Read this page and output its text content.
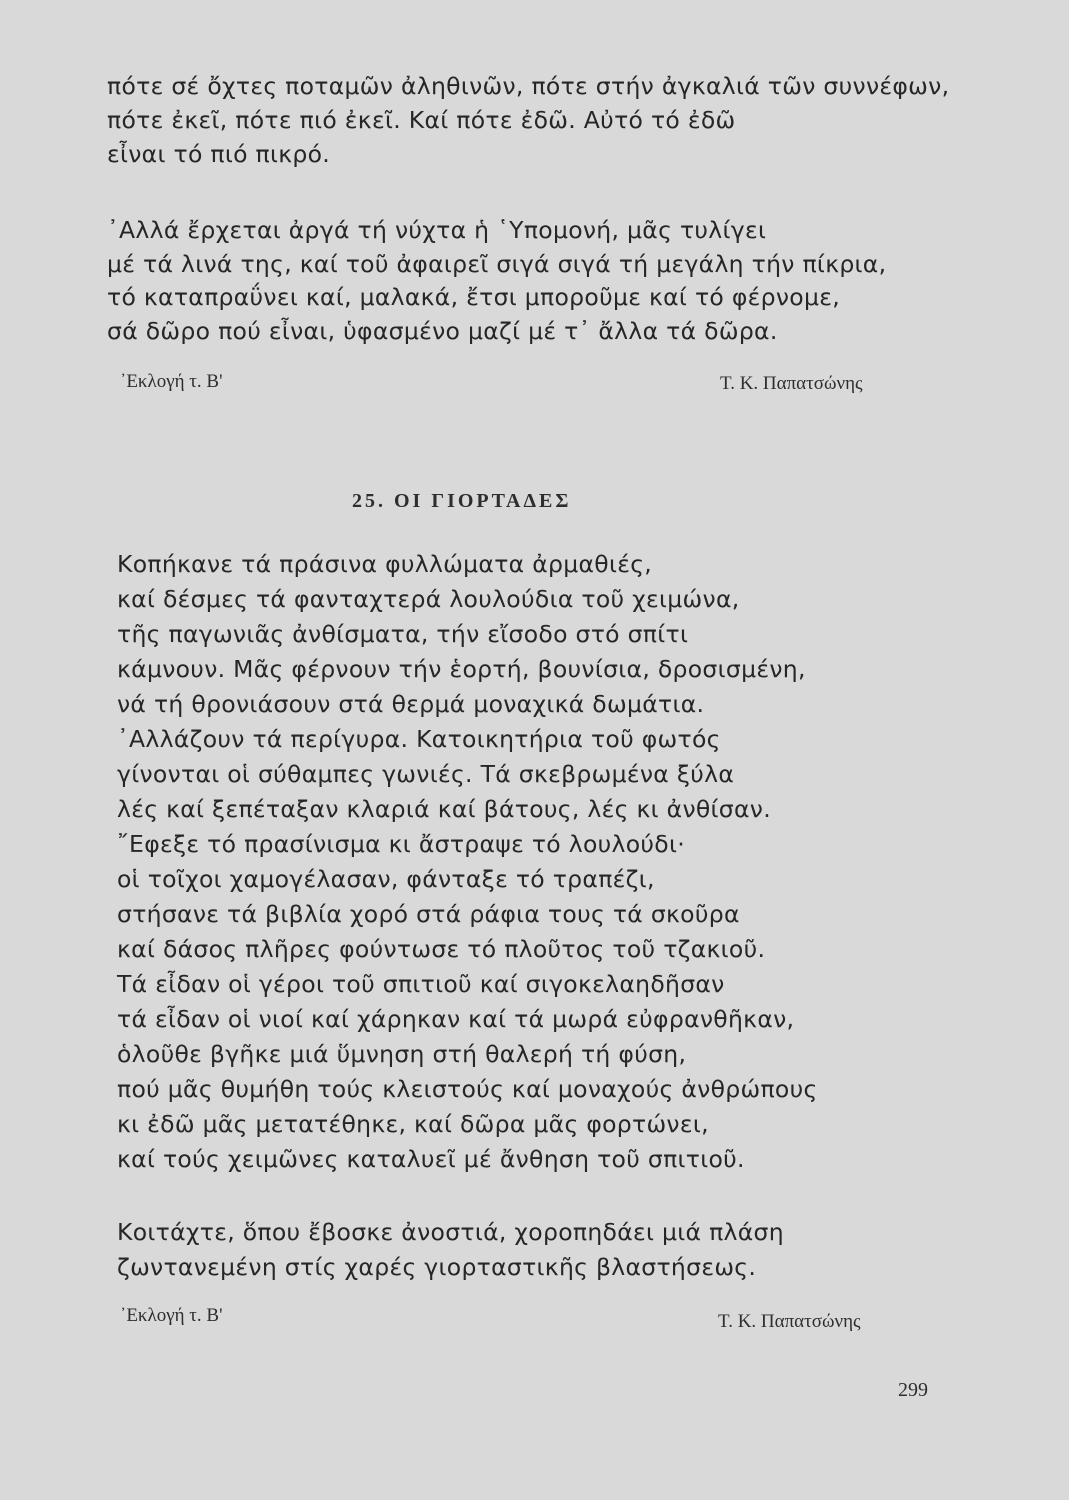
πότε σέ ὄχτες ποταμῶν ἀληθινῶν, πότε στήν ἀγκαλιά τῶν συννέφων,
πότε ἐκεῖ, πότε πιό ἐκεῖ. Καί πότε ἐδῶ. Αὐτό τό ἐδῶ
εἶναι τό πιό πικρό.
᾿Αλλά ἔρχεται ἀργά τή νύχτα ἡ ῾Υπομονή, μᾶς τυλίγει
μέ τά λινά της, καί τοῦ ἀφαιρεῖ σιγά σιγά τή μεγάλη τήν πίκρια,
τό καταπραΰνει καί, μαλακά, ἔτσι μποροῦμε καί τό φέρνομε,
σά δῶρο πού εἶναι, ὑφασμένο μαζί μέ τ᾿ ἄλλα τά δῶρα.
᾿Εκλογή τ. Β'	Τ. Κ. Παπατσώνης
25. ΟΙ ΓΙΟΡΤΑΔΕΣ
Κοπήκανε τά πράσινα φυλλώματα ἀρμαθιές,
καί δέσμες τά φανταχτερά λουλούδια τοῦ χειμώνα,
τῆς παγωνιᾶς ἀνθίσματα, τήν εἴσοδο στό σπίτι
κάμνουν. Μᾶς φέρνουν τήν ἑορτή, βουνίσια, δροσισμένη,
νά τή θρονιάσουν στά θερμά μοναχικά δωμάτια.
᾿Αλλάζουν τά περίγυρα. Κατοικητήρια τοῦ φωτός
γίνονται οἱ σύθαμπες γωνιές. Τά σκεβρωμένα ξύλα
λές καί ξεπέταξαν κλαριά καί βάτους, λές κι ἀνθίσαν.
῎Εφεξε τό πρασίνισμα κι ἄστραψε τό λουλούδι·
οἱ τοῖχοι χαμογέλασαν, φάνταξε τό τραπέζι,
στήσανε τά βιβλία χορό στά ράφια τους τά σκοῦρα
καί δάσος πλῆρες φούντωσε τό πλοῦτος τοῦ τζακιοῦ.
Τά εἶδαν οἱ γέροι τοῦ σπιτιοῦ καί σιγοκελαηδῆσαν
τά εἶδαν οἱ νιοί καί χάρηκαν καί τά μωρά εὐφρανθῆκαν,
ὁλοῦθε βγῆκε μιά ὕμνηση στή θαλερή τή φύση,
πού μᾶς θυμήθη τούς κλειστούς καί μοναχούς ἀνθρώπους
κι ἐδῶ μᾶς μετατέθηκε, καί δῶρα μᾶς φορτώνει,
καί τούς χειμῶνες καταλυεῖ μέ ἄνθηση τοῦ σπιτιοῦ.
Κοιτάχτε, ὅπου ἔβοσκε ἀνοστιά, χοροπηδάει μιά πλάση
ζωντανεμένη στίς χαρές γιορταστικῆς βλαστήσεως.
᾿Εκλογή τ. Β'	Τ. Κ. Παπατσώνης
299
